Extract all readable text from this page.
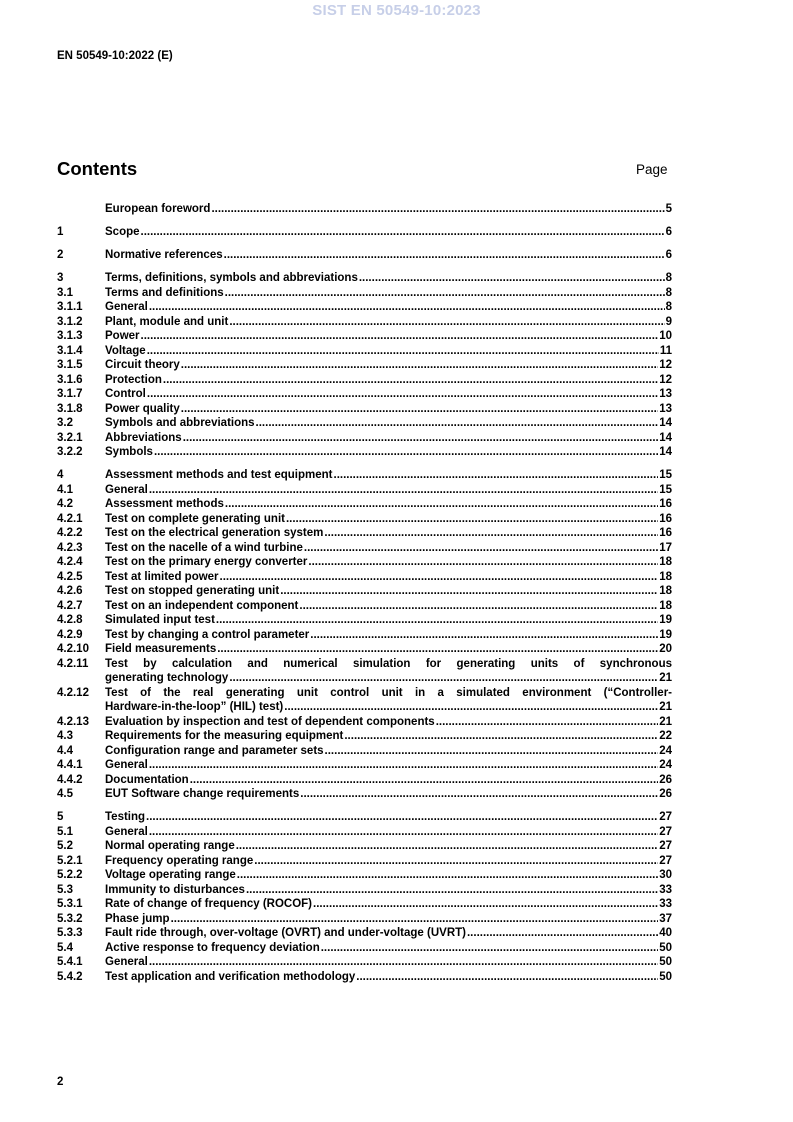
SIST EN 50549-10:2023
EN 50549-10:2022 (E)
Contents	Page
European foreword .....	5
1	Scope .....	6
2	Normative references .....	6
3	Terms, definitions, symbols and abbreviations .....	8
3.1	Terms and definitions .....	8
3.1.1	General .....	8
3.1.2	Plant, module and unit .....	9
3.1.3	Power .....	10
3.1.4	Voltage .....	11
3.1.5	Circuit theory .....	12
3.1.6	Protection .....	12
3.1.7	Control .....	13
3.1.8	Power quality .....	13
3.2	Symbols and abbreviations .....	14
3.2.1	Abbreviations .....	14
3.2.2	Symbols .....	14
4	Assessment methods and test equipment .....	15
4.1	General .....	15
4.2	Assessment methods .....	16
4.2.1	Test on complete generating unit .....	16
4.2.2	Test on the electrical generation system .....	16
4.2.3	Test on the nacelle of a wind turbine .....	17
4.2.4	Test on the primary energy converter .....	18
4.2.5	Test at limited power .....	18
4.2.6	Test on stopped generating unit .....	18
4.2.7	Test on an independent component .....	18
4.2.8	Simulated input test .....	19
4.2.9	Test by changing a control parameter .....	19
4.2.10	Field measurements .....	20
4.2.11	Test by calculation and numerical simulation for generating units of synchronous
generating technology .....	21
4.2.12	Test of the real generating unit control unit in a simulated environment (“Controller-
Hardware-in-the-loop” (HIL) test) .....	21
4.2.13	Evaluation by inspection and test of dependent components .....	21
4.3	Requirements for the measuring equipment .....	22
4.4	Configuration range and parameter sets .....	24
4.4.1	General .....	24
4.4.2	Documentation .....	26
4.5	EUT Software change requirements .....	26
5	Testing .....	27
5.1	General .....	27
5.2	Normal operating range .....	27
5.2.1	Frequency operating range .....	27
5.2.2	Voltage operating range .....	30
5.3	Immunity to disturbances .....	33
5.3.1	Rate of change of frequency (ROCOF) .....	33
5.3.2	Phase jump .....	37
5.3.3	Fault ride through, over-voltage (OVRT) and under-voltage (UVRT) .....	40
5.4	Active response to frequency deviation .....	50
5.4.1	General .....	50
5.4.2	Test application and verification methodology .....	50
2
